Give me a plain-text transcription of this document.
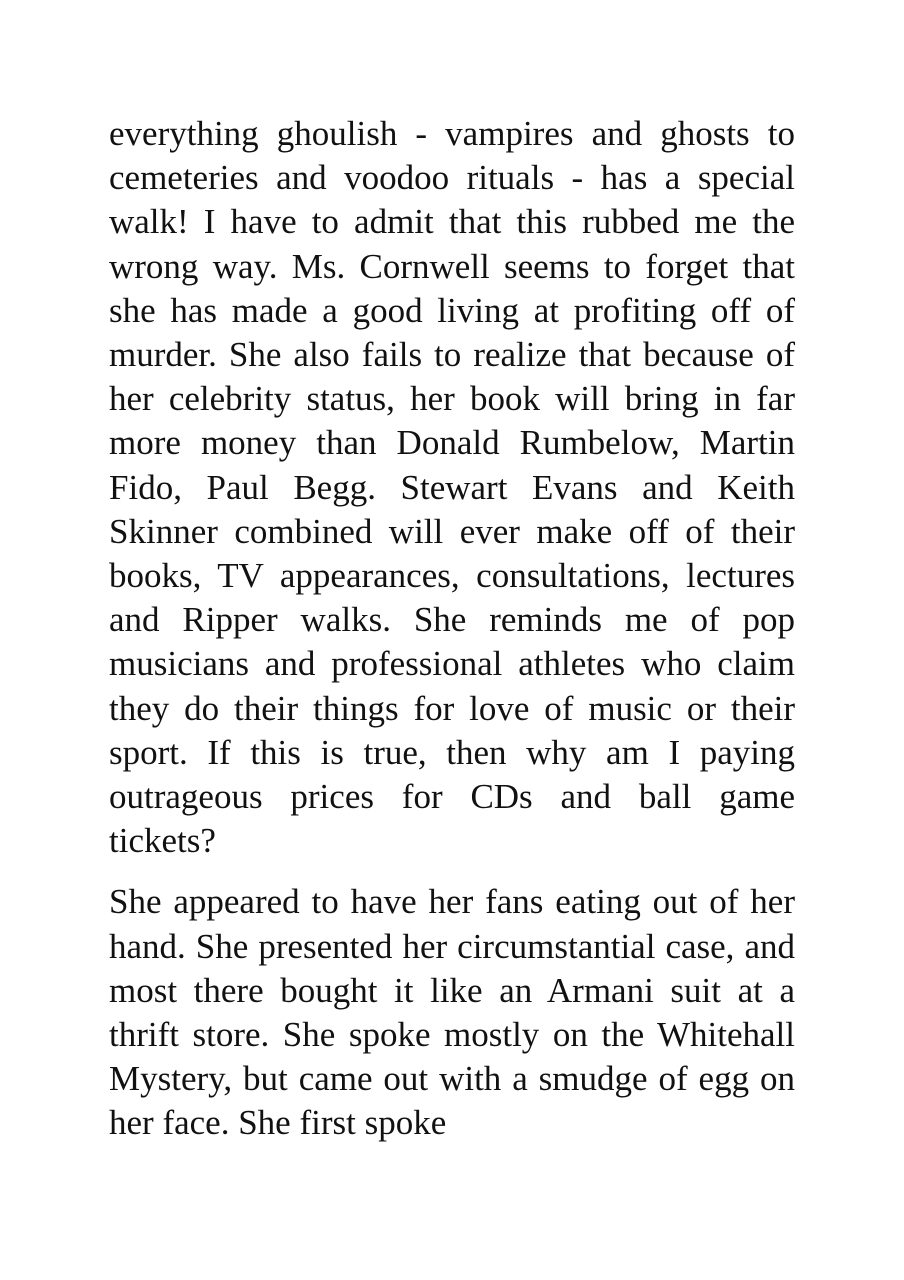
everything ghoulish - vampires and ghosts to cemeteries and voodoo rituals - has a special walk! I have to admit that this rubbed me the wrong way. Ms. Cornwell seems to forget that she has made a good living at profiting off of murder. She also fails to realize that because of her celebrity status, her book will bring in far more money than Donald Rumbelow, Martin Fido, Paul Begg. Stewart Evans and Keith Skinner combined will ever make off of their books, TV appearances, consultations, lectures and Ripper walks. She reminds me of pop musicians and professional athletes who claim they do their things for love of music or their sport. If this is true, then why am I paying outrageous prices for CDs and ball game tickets?

She appeared to have her fans eating out of her hand. She presented her circumstantial case, and most there bought it like an Armani suit at a thrift store. She spoke mostly on the Whitehall Mystery, but came out with a smudge of egg on her face. She first spoke
